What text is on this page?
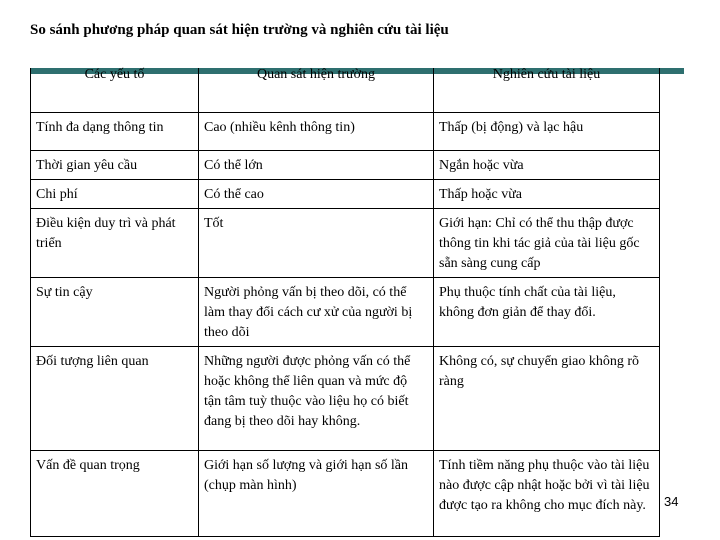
So sánh phương pháp quan sát hiện trường và nghiên cứu tài liệu
Các yếu tố	Quan sát hiện trường	Nghiên cứu tài liệu
Tính đa dạng thông tin	Cao (nhiều kênh thông tin)	Thấp (bị động) và lạc hậu
Thời gian yêu cầu	Có thể lớn	Ngắn hoặc vừa
Chi phí	Có thể cao	Thấp hoặc vừa
Điều kiện duy trì và phát triển	Tốt	Giới hạn: Chỉ có thể thu thập được thông tin khi tác giả của tài liệu gốc sẵn sàng cung cấp
Sự tin cậy	Người phỏng vấn bị theo dõi, có thể làm thay đổi cách cư xử của người bị theo dõi	Phụ thuộc tính chất của tài liệu, không đơn giản để thay đổi.
Đối tượng liên quan	Những người được phỏng vấn có thể hoặc không thể liên quan và mức độ tận tâm tuỳ thuộc vào liệu họ có biết đang bị theo dõi hay không.	Không có, sự chuyển giao không rõ ràng
Vấn đề quan trọng	Giới hạn số lượng và giới hạn số lần (chụp màn hình)	Tính tiềm năng phụ thuộc vào tài liệu nào được cập nhật hoặc bởi vì tài liệu được tạo ra không cho mục đích này. 34
